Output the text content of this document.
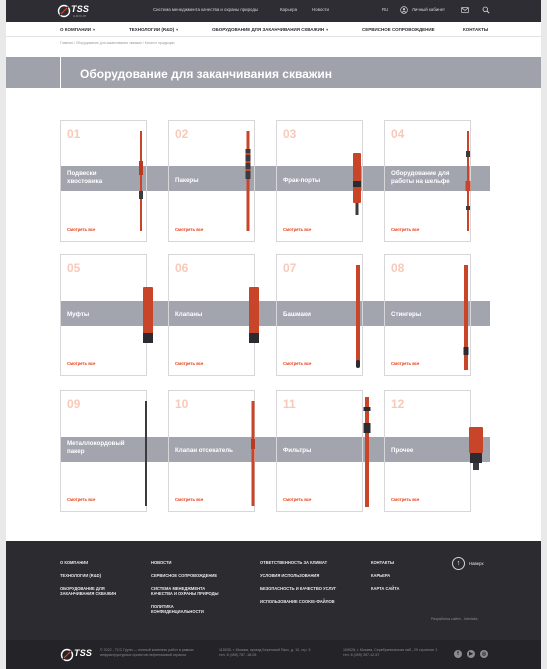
TSS
GROUP
Система менеджмента качества и охраны природы	Карьера	Новости	RU	Личный кабинет
О КОМПАНИИ ▾	ТЕХНОЛОГИИ (R&D) ▾	ОБОРУДОВАНИЕ ДЛЯ ЗАКАНЧИВАНИЯ СКВАЖИН ▾	СЕРВИСНОЕ СОПРОВОЖДЕНИЕ	КОНТАКТЫ
Главная / Оборудование для заканчивания скважин / Каталог продукции
Оборудование для заканчивания скважин
01
Подвески хвостовика
Смотреть все
02
Пакеры
Смотреть все
03
Фрак-порты
Смотреть все
04
Оборудование для работы на шельфе
Смотреть все
05
Муфты
Смотреть все
06
Клапаны
Смотреть все
07
Башмаки
Смотреть все
08
Стингеры
Смотреть все
09
Металлокордовый пакер
Смотреть все
10
Клапан отсекатель
Смотреть все
11
Фильтры
Смотреть все
12
Прочее
Смотреть все
О КОМПАНИИ
ТЕХНОЛОГИИ (R&D)
ОБОРУДОВАНИЕ ДЛЯ ЗАКАНЧИВАНИЯ СКВАЖИН
НОВОСТИ
СЕРВИСНОЕ СОПРОВОЖДЕНИЕ
СИСТЕМА МЕНЕДЖМЕНТА КАЧЕСТВА И ОХРАНЫ ПРИРОДЫ
ПОЛИТИКА КОНФИДЕНЦИАЛЬНОСТИ
ОТВЕТСТВЕННОСТЬ ЗА КЛИМАТ
УСЛОВИЯ ИСПОЛЬЗОВАНИЯ
БЕЗОПАСНОСТЬ И КАЧЕСТВО УСЛУГ
ИСПОЛЬЗОВАНИЕ COOKIE-ФАЙЛОВ
КОНТАКТЫ
КАРЬЕРА
КАРТА САЙТА
↑	Наверх
Разработка сайта - Interlabs
TSS © 2022 - ТСС Групп — полный комплекс работ в рамках инфраструктурных проектов нефтегазовой отрасли
115035, г. Москва, проезд Береговой Пасс, д. 10, стр. 5
тел. 8 (495) 787 -18-05
109028, г. Москва, Серебряническая наб., 29 строение 1
тел. 8 (499) 397-12-57	f	▶	◎
